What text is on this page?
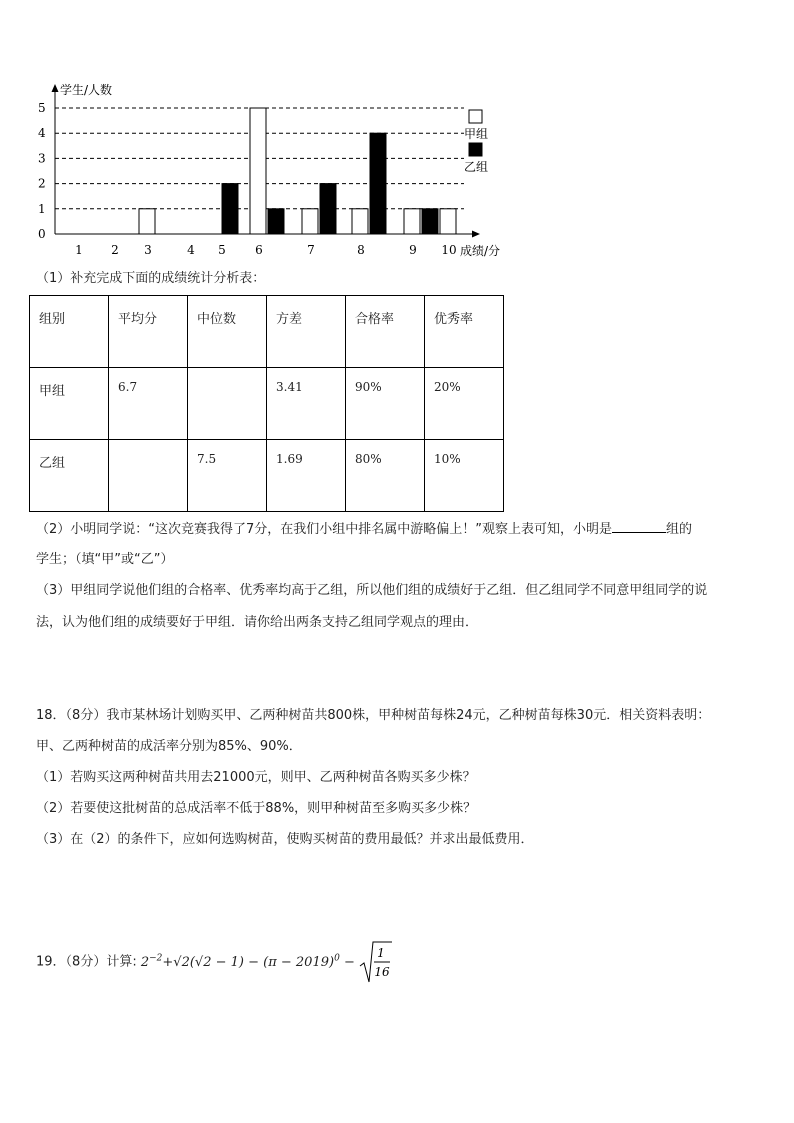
学生/人数
成绩/分
0
1
2
3
4
5
1 2 3	4 5 6	7	8	9 10
甲组
乙组
（1）补充完成下面的成绩统计分析表：
组别	平均分	中位数	方差	合格率	优秀率
甲组	6.7		3.41	90%	20%
乙组		7.5	1.69	80%	10%
（2）小明同学说：“这次竞赛我得了7分，在我们小组中排名属中游略偏上！”观察上表可知，小明是	组的
学生；（填“甲”或“乙”）
（3）甲组同学说他们组的合格率、优秀率均高于乙组，所以他们组的成绩好于乙组．但乙组同学不同意甲组同学的说
法，认为他们组的成绩要好于甲组．请你给出两条支持乙组同学观点的理由．
18．（8分）我市某林场计划购买甲、乙两种树苗共800株，甲种树苗每株24元，乙种树苗每株30元．相关资料表明：
甲、乙两种树苗的成活率分别为85%、90%．
（1）若购买这两种树苗共用去21000元，则甲、乙两种树苗各购买多少株？
（2）若要使这批树苗的总成活率不低于88%，则甲种树苗至多购买多少株？
（3）在（2）的条件下，应如何选购树苗，使购买树苗的费用最低？并求出最低费用．
19．（8分）计算: $2^{-2}+√2(√2 - 1) - (\pi - 2019)^0$ −
1
16
